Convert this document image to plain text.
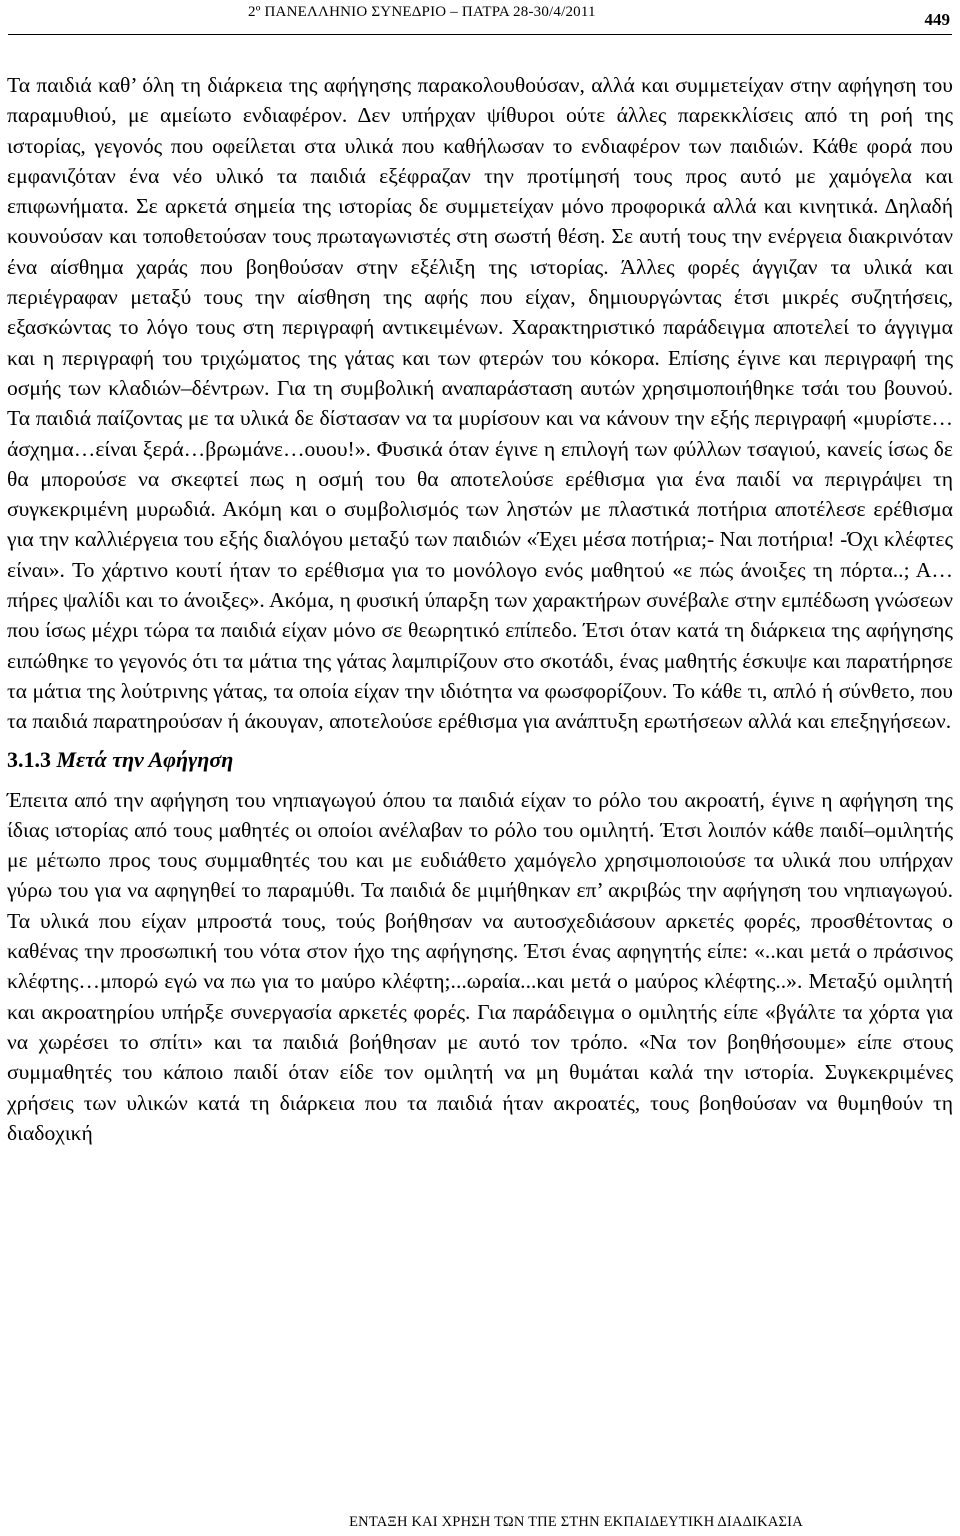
2º ΠΑΝΕΛΛΗΝΙΟ ΣΥΝΕΔΡΙΟ – ΠΑΤΡΑ 28-30/4/2011	449

Τα παιδιά καθ’ όλη τη διάρκεια της αφήγησης παρακολουθούσαν, αλλά και συμμετείχαν στην αφήγηση του παραμυθιού, με αμείωτο ενδιαφέρον. Δεν υπήρχαν ψίθυροι ούτε άλλες παρεκκλίσεις από τη ροή της ιστορίας, γεγονός που οφείλεται στα υλικά που καθήλωσαν το ενδιαφέρον των παιδιών. Κάθε φορά που εμφανιζόταν ένα νέο υλικό τα παιδιά εξέφραζαν την προτίμησή τους προς αυτό με χαμόγελα και επιφωνήματα. Σε αρκετά σημεία της ιστορίας δε συμμετείχαν μόνο προφορικά αλλά και κινητικά. Δηλαδή κουνούσαν και τοποθετούσαν τους πρωταγωνιστές στη σωστή θέση. Σε αυτή τους την ενέργεια διακρινόταν ένα αίσθημα χαράς που βοηθούσαν στην εξέλιξη της ιστορίας. Άλλες φορές άγγιζαν τα υλικά και περιέγραφαν μεταξύ τους την αίσθηση της αφής που είχαν, δημιουργώντας έτσι μικρές συζητήσεις, εξασκώντας το λόγο τους στη περιγραφή αντικειμένων. Χαρακτηριστικό παράδειγμα αποτελεί το άγγιγμα και η περιγραφή του τριχώματος της γάτας και των φτερών του κόκορα. Επίσης έγινε και περιγραφή της οσμής των κλαδιών–δέντρων. Για τη συμβολική αναπαράσταση αυτών χρησιμοποιήθηκε τσάι του βουνού. Τα παιδιά παίζοντας με τα υλικά δε δίστασαν να τα μυρίσουν και να κάνουν την εξής περιγραφή «μυρίστε…άσχημα…είναι ξερά…βρωμάνε…ουου!». Φυσικά όταν έγινε η επιλογή των φύλλων τσαγιού, κανείς ίσως δε θα μπορούσε να σκεφτεί πως η οσμή του θα αποτελούσε ερέθισμα για ένα παιδί να περιγράψει τη συγκεκριμένη μυρωδιά. Ακόμη και ο συμβολισμός των ληστών με πλαστικά ποτήρια αποτέλεσε ερέθισμα για την καλλιέργεια του εξής διαλόγου μεταξύ των παιδιών «Έχει μέσα ποτήρια;- Ναι ποτήρια! -Όχι κλέφτες είναι». Το χάρτινο κουτί ήταν το ερέθισμα για το μονόλογο ενός μαθητού «ε πώς άνοιξες τη πόρτα..; Α…πήρες ψαλίδι και το άνοιξες». Ακόμα, η φυσική ύπαρξη των χαρακτήρων συνέβαλε στην εμπέδωση γνώσεων που ίσως μέχρι τώρα τα παιδιά είχαν μόνο σε θεωρητικό επίπεδο. Έτσι όταν κατά τη διάρκεια της αφήγησης ειπώθηκε το γεγονός ότι τα μάτια της γάτας λαμπιρίζουν στο σκοτάδι, ένας μαθητής έσκυψε και παρατήρησε τα μάτια της λούτρινης γάτας, τα οποία είχαν την ιδιότητα να φωσφορίζουν. Το κάθε τι, απλό ή σύνθετο, που τα παιδιά παρατηρούσαν ή άκουγαν, αποτελούσε ερέθισμα για ανάπτυξη ερωτήσεων αλλά και επεξηγήσεων.

3.1.3 Μετά την Αφήγηση

Έπειτα από την αφήγηση του νηπιαγωγού όπου τα παιδιά είχαν το ρόλο του ακροατή, έγινε η αφήγηση της ίδιας ιστορίας από τους μαθητές οι οποίοι ανέλαβαν το ρόλο του ομιλητή. Έτσι λοιπόν κάθε παιδί–ομιλητής με μέτωπο προς τους συμμαθητές του και με ευδιάθετο χαμόγελο χρησιμοποιούσε τα υλικά που υπήρχαν γύρω του για να αφηγηθεί το παραμύθι. Τα παιδιά δε μιμήθηκαν επ’ ακριβώς την αφήγηση του νηπιαγωγού. Τα υλικά που είχαν μπροστά τους, τούς βοήθησαν να αυτοσχεδιάσουν αρκετές φορές, προσθέτοντας ο καθένας την προσωπική του νότα στον ήχο της αφήγησης. Έτσι ένας αφηγητής είπε: «..και μετά ο πράσινος κλέφτης…μπορώ εγώ να πω για το μαύρο κλέφτη;...ωραία...και μετά ο μαύρος κλέφτης..». Μεταξύ ομιλητή και ακροατηρίου υπήρξε συνεργασία αρκετές φορές. Για παράδειγμα ο ομιλητής είπε «βγάλτε τα χόρτα για να χωρέσει το σπίτι» και τα παιδιά βοήθησαν με αυτό τον τρόπο. «Να τον βοηθήσουμε» είπε στους συμμαθητές του κάποιο παιδί όταν είδε τον ομιλητή να μη θυμάται καλά την ιστορία. Συγκεκριμένες χρήσεις των υλικών κατά τη διάρκεια που τα παιδιά ήταν ακροατές, τους βοηθούσαν να θυμηθούν τη διαδοχική

ΕΝΤΑΞΗ ΚΑΙ ΧΡΗΣΗ ΤΩΝ ΤΠΕ ΣΤΗΝ ΕΚΠΑΙΔΕΥΤΙΚΗ ΔΙΑΔΙΚΑΣΙΑ
